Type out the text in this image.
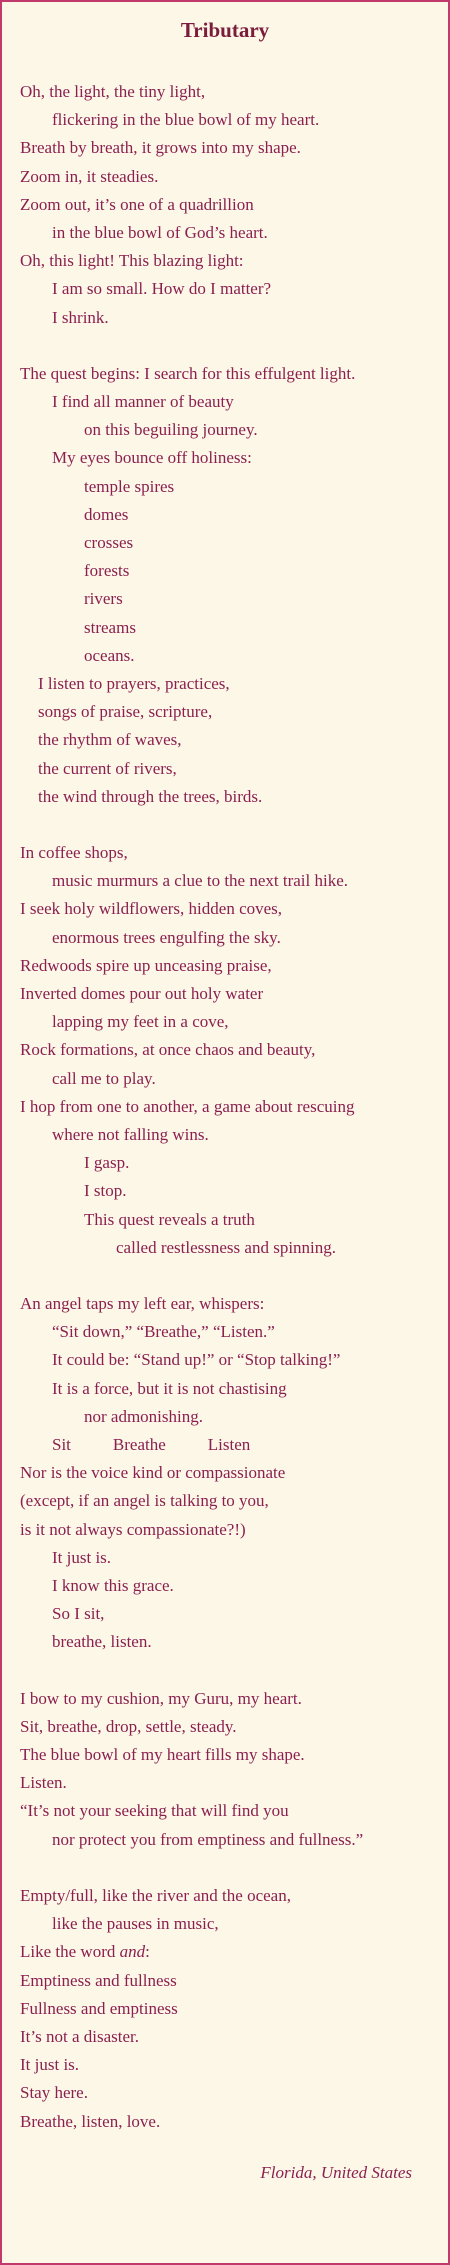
Tributary
Oh, the light, the tiny light,
flickering in the blue bowl of my heart.
Breath by breath, it grows into my shape.
Zoom in, it steadies.
Zoom out, it’s one of a quadrillion
in the blue bowl of God’s heart.
Oh, this light! This blazing light:
I am so small. How do I matter?
I shrink.
The quest begins: I search for this effulgent light.
I find all manner of beauty
on this beguiling journey.
My eyes bounce off holiness:
temple spires
domes
crosses
forests
rivers
streams
oceans.
I listen to prayers, practices,
songs of praise, scripture,
the rhythm of waves,
the current of rivers,
the wind through the trees, birds.
In coffee shops,
music murmurs a clue to the next trail hike.
I seek holy wildflowers, hidden coves,
enormous trees engulfing the sky.
Redwoods spire up unceasing praise,
Inverted domes pour out holy water
lapping my feet in a cove,
Rock formations, at once chaos and beauty,
call me to play.
I hop from one to another, a game about rescuing
where not falling wins.
I gasp.
I stop.
This quest reveals a truth
called restlessness and spinning.
An angel taps my left ear, whispers:
“Sit down,” “Breathe,” “Listen.”
It could be: “Stand up!” or “Stop talking!”
It is a force, but it is not chastising
nor admonishing.
Sit Breathe Listen
Nor is the voice kind or compassionate
(except, if an angel is talking to you,
is it not always compassionate?!)
It just is.
I know this grace.
So I sit,
breathe, listen.
I bow to my cushion, my Guru, my heart.
Sit, breathe, drop, settle, steady.
The blue bowl of my heart fills my shape.
Listen.
“It’s not your seeking that will find you
nor protect you from emptiness and fullness.”
Empty/full, like the river and the ocean,
like the pauses in music,
Like the word and:
Emptiness and fullness
Fullness and emptiness
It’s not a disaster.
It just is.
Stay here.
Breathe, listen, love.
Florida, United States
